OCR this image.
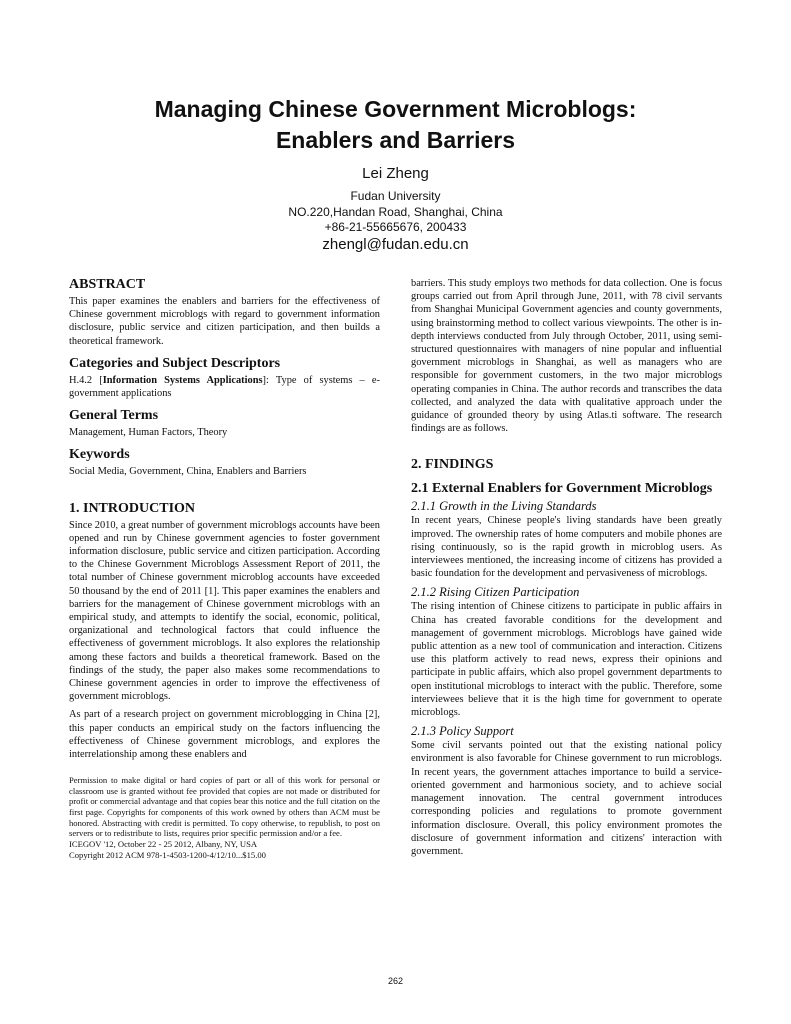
Managing Chinese Government Microblogs:
Enablers and Barriers
Lei Zheng
Fudan University
NO.220,Handan Road, Shanghai, China
+86-21-55665676, 200433
zhengl@fudan.edu.cn
ABSTRACT

This paper examines the enablers and barriers for the effectiveness of Chinese government microblogs with regard to government information disclosure, public service and citizen participation, and then builds a theoretical framework.

Categories and Subject Descriptors

H.4.2 [Information Systems Applications]: Type of systems – e-government applications

General Terms

Management, Human Factors, Theory

Keywords

Social Media, Government, China, Enablers and Barriers

1. INTRODUCTION

Since 2010, a great number of government microblogs accounts have been opened and run by Chinese government agencies to foster government information disclosure, public service and citizen participation. According to the Chinese Government Microblogs Assessment Report of 2011, the total number of Chinese government microblog accounts have exceeded 50 thousand by the end of 2011 [1]. This paper examines the enablers and barriers for the management of Chinese government microblogs with an empirical study, and attempts to identify the social, economic, political, organizational and technological factors that could influence the effectiveness of government microblogs. It also explores the relationship among these factors and builds a theoretical framework. Based on the findings of the study, the paper also makes some recommendations to Chinese government agencies in order to improve the effectiveness of government microblogs.

As part of a research project on government microblogging in China [2], this paper conducts an empirical study on the factors influencing the effectiveness of Chinese government microblogs, and explores the interrelationship among these enablers and

Permission to make digital or hard copies of part or all of this work for personal or classroom use is granted without fee provided that copies are not made or distributed for profit or commercial advantage and that copies bear this notice and the full citation on the first page. Copyrights for components of this work owned by others than ACM must be honored. Abstracting with credit is permitted. To copy otherwise, to republish, to post on servers or to redistribute to lists, requires prior specific permission and/or a fee.

ICEGOV '12, October 22 - 25 2012, Albany, NY, USA

Copyright 2012 ACM 978-1-4503-1200-4/12/10...$15.00

barriers. This study employs two methods for data collection. One is focus groups carried out from April through June, 2011, with 78 civil servants from Shanghai Municipal Government agencies and county governments, using brainstorming method to collect various viewpoints. The other is in-depth interviews conducted from July through October, 2011, using semi-structured questionnaires with managers of nine popular and influential government microblogs in Shanghai, as well as managers who are responsible for government customers, in the two major microblogs operating companies in China. The author records and transcribes the data collected, and analyzed the data with qualitative approach under the guidance of grounded theory by using Atlas.ti software. The research findings are as follows.

2. FINDINGS
2.1 External Enablers for Government Microblogs
2.1.1 Growth in the Living Standards

In recent years, Chinese people's living standards have been greatly improved. The ownership rates of home computers and mobile phones are rising continuously, so is the rapid growth in microblog users. As interviewees mentioned, the increasing income of citizens has provided a basic foundation for the development and pervasiveness of microblogs.

2.1.2 Rising Citizen Participation

The rising intention of Chinese citizens to participate in public affairs in China has created favorable conditions for the development and management of government microblogs. Microblogs have gained wide public attention as a new tool of communication and interaction. Citizens use this platform actively to read news, express their opinions and participate in public affairs, which also propel government departments to open institutional microblogs to interact with the public. Therefore, some interviewees believe that it is the high time for government to operate microblogs.

2.1.3 Policy Support

Some civil servants pointed out that the existing national policy environment is also favorable for Chinese government to run microblogs. In recent years, the government attaches importance to build a service-oriented government and harmonious society, and to achieve social management innovation. The central government introduces corresponding policies and regulations to promote government information disclosure. Overall, this policy environment promotes the disclosure of government information and citizens' interaction with government.

262
